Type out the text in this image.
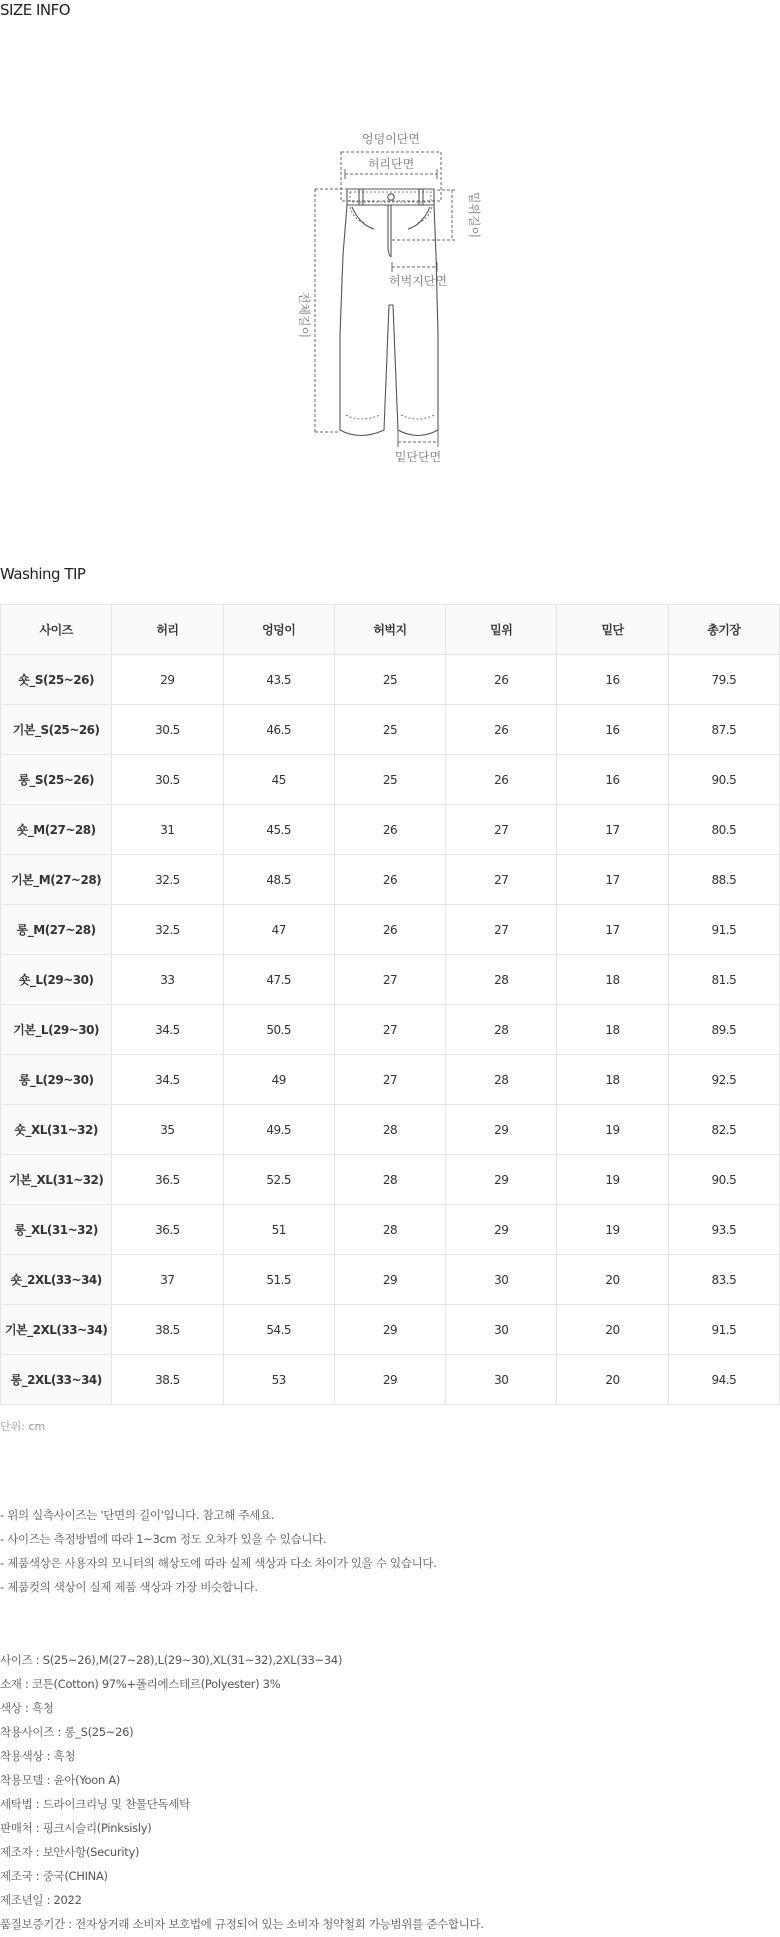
SIZE INFO
엉덩이단면
허리단면
허벅지단면
밑단단면
밑위길이
전체길이
Washing TIP
사이즈	허리	엉덩이	허벅지	밑위	밑단	총기장
숏_S(25~26)	29	43.5	25	26	16	79.5
기본_S(25~26)	30.5	46.5	25	26	16	87.5
롱_S(25~26)	30.5	45	25	26	16	90.5
숏_M(27~28)	31	45.5	26	27	17	80.5
기본_M(27~28)	32.5	48.5	26	27	17	88.5
롱_M(27~28)	32.5	47	26	27	17	91.5
숏_L(29~30)	33	47.5	27	28	18	81.5
기본_L(29~30)	34.5	50.5	27	28	18	89.5
롱_L(29~30)	34.5	49	27	28	18	92.5
숏_XL(31~32)	35	49.5	28	29	19	82.5
기본_XL(31~32)	36.5	52.5	28	29	19	90.5
롱_XL(31~32)	36.5	51	28	29	19	93.5
숏_2XL(33~34)	37	51.5	29	30	20	83.5
기본_2XL(33~34)	38.5	54.5	29	30	20	91.5
롱_2XL(33~34)	38.5	53	29	30	20	94.5
단위: cm
- 위의 실측사이즈는 '단면의 길이'입니다. 참고해 주세요.
- 사이즈는 측정방법에 따라 1~3cm 정도 오차가 있을 수 있습니다.
- 제품색상은 사용자의 모니터의 해상도에 따라 실제 색상과 다소 차이가 있을 수 있습니다.
- 제품컷의 색상이 실제 제품 색상과 가장 비슷합니다.
사이즈 : S(25~26),M(27~28),L(29~30),XL(31~32),2XL(33~34)
소재 : 코튼(Cotton) 97%+폴리에스테르(Polyester) 3%
색상 : 흑청
착용사이즈 : 롱_S(25~26)
착용색상 : 흑청
착용모델 : 윤아(Yoon A)
세탁법 : 드라이크리닝 및 찬물단독세탁
판매처 : 핑크시슬리(Pinksisly)
제조자 : 보안사항(Security)
제조국 : 중국(CHINA)
제조년일 : 2022
품질보증기간 : 전자상거래 소비자 보호법에 규정되어 있는 소비자 청약철회 가능범위를 준수합니다.
